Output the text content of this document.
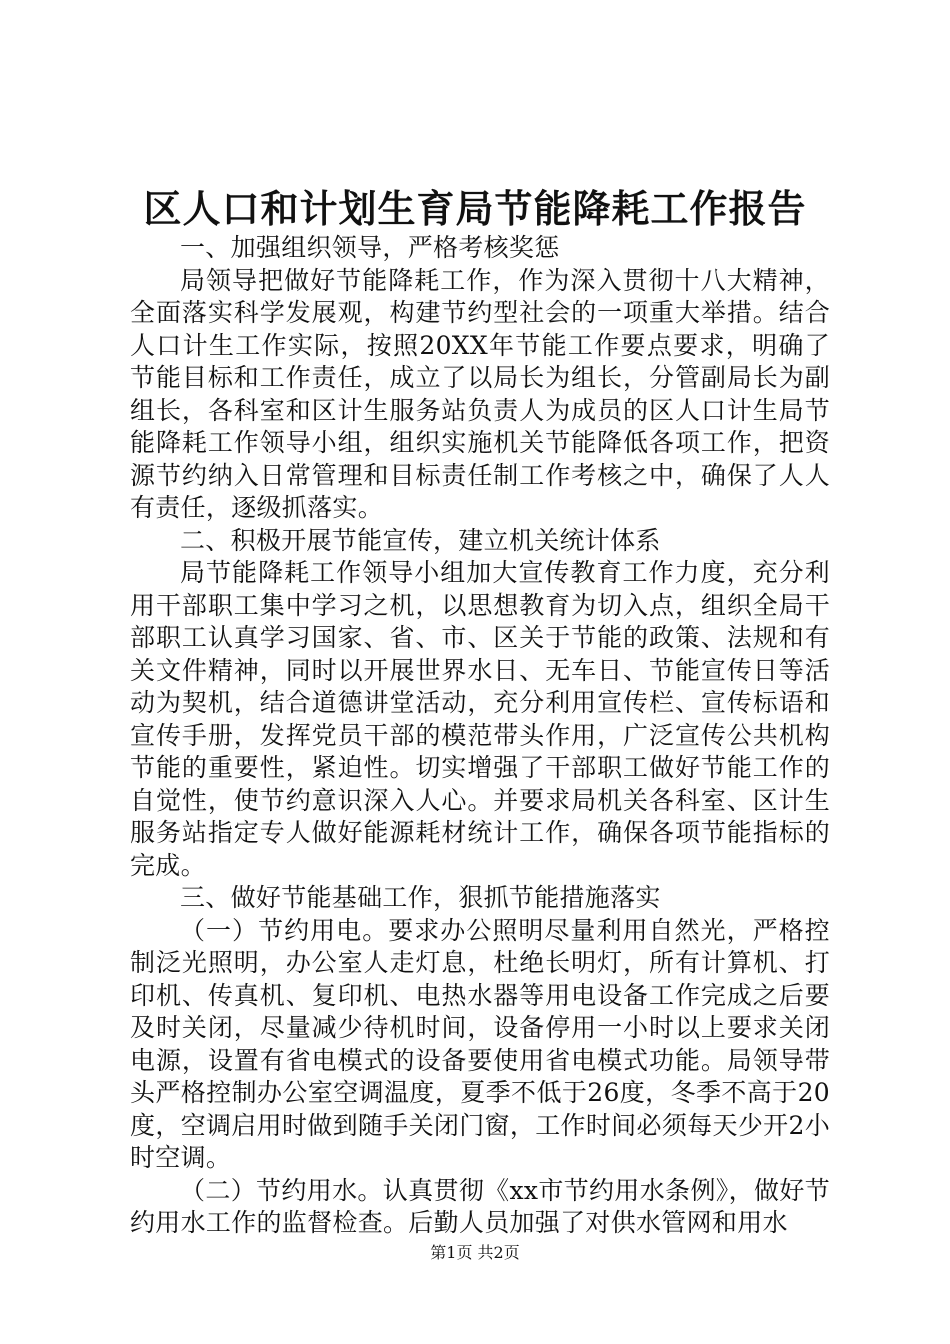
区人口和计划生育局节能降耗工作报告

一、加强组织领导，严格考核奖惩

局领导把做好节能降耗工作，作为深入贯彻十八大精神，全面落实科学发展观，构建节约型社会的一项重大举措。结合人口计生工作实际，按照20XX年节能工作要点要求，明确了节能目标和工作责任，成立了以局长为组长，分管副局长为副组长，各科室和区计生服务站负责人为成员的区人口计生局节能降耗工作领导小组，组织实施机关节能降低各项工作，把资源节约纳入日常管理和目标责任制工作考核之中，确保了人人有责任，逐级抓落实。

二、积极开展节能宣传，建立机关统计体系

局节能降耗工作领导小组加大宣传教育工作力度，充分利用干部职工集中学习之机，以思想教育为切入点，组织全局干部职工认真学习国家、省、市、区关于节能的政策、法规和有关文件精神，同时以开展世界水日、无车日、节能宣传日等活动为契机，结合道德讲堂活动，充分利用宣传栏、宣传标语和宣传手册，发挥党员干部的模范带头作用，广泛宣传公共机构节能的重要性，紧迫性。切实增强了干部职工做好节能工作的自觉性，使节约意识深入人心。并要求局机关各科室、区计生服务站指定专人做好能源耗材统计工作，确保各项节能指标的完成。

三、做好节能基础工作，狠抓节能措施落实

（一）节约用电。要求办公照明尽量利用自然光，严格控制泛光照明，办公室人走灯息，杜绝长明灯，所有计算机、打印机、传真机、复印机、电热水器等用电设备工作完成之后要及时关闭，尽量减少待机时间，设备停用一小时以上要求关闭电源，设置有省电模式的设备要使用省电模式功能。局领导带头严格控制办公室空调温度，夏季不低于26度，冬季不高于20度，空调启用时做到随手关闭门窗，工作时间必须每天少开2小时空调。

（二）节约用水。认真贯彻《xx市节约用水条例》，做好节约用水工作的监督检查。后勤人员加强了对供水管网和用水

第1页 共2页
